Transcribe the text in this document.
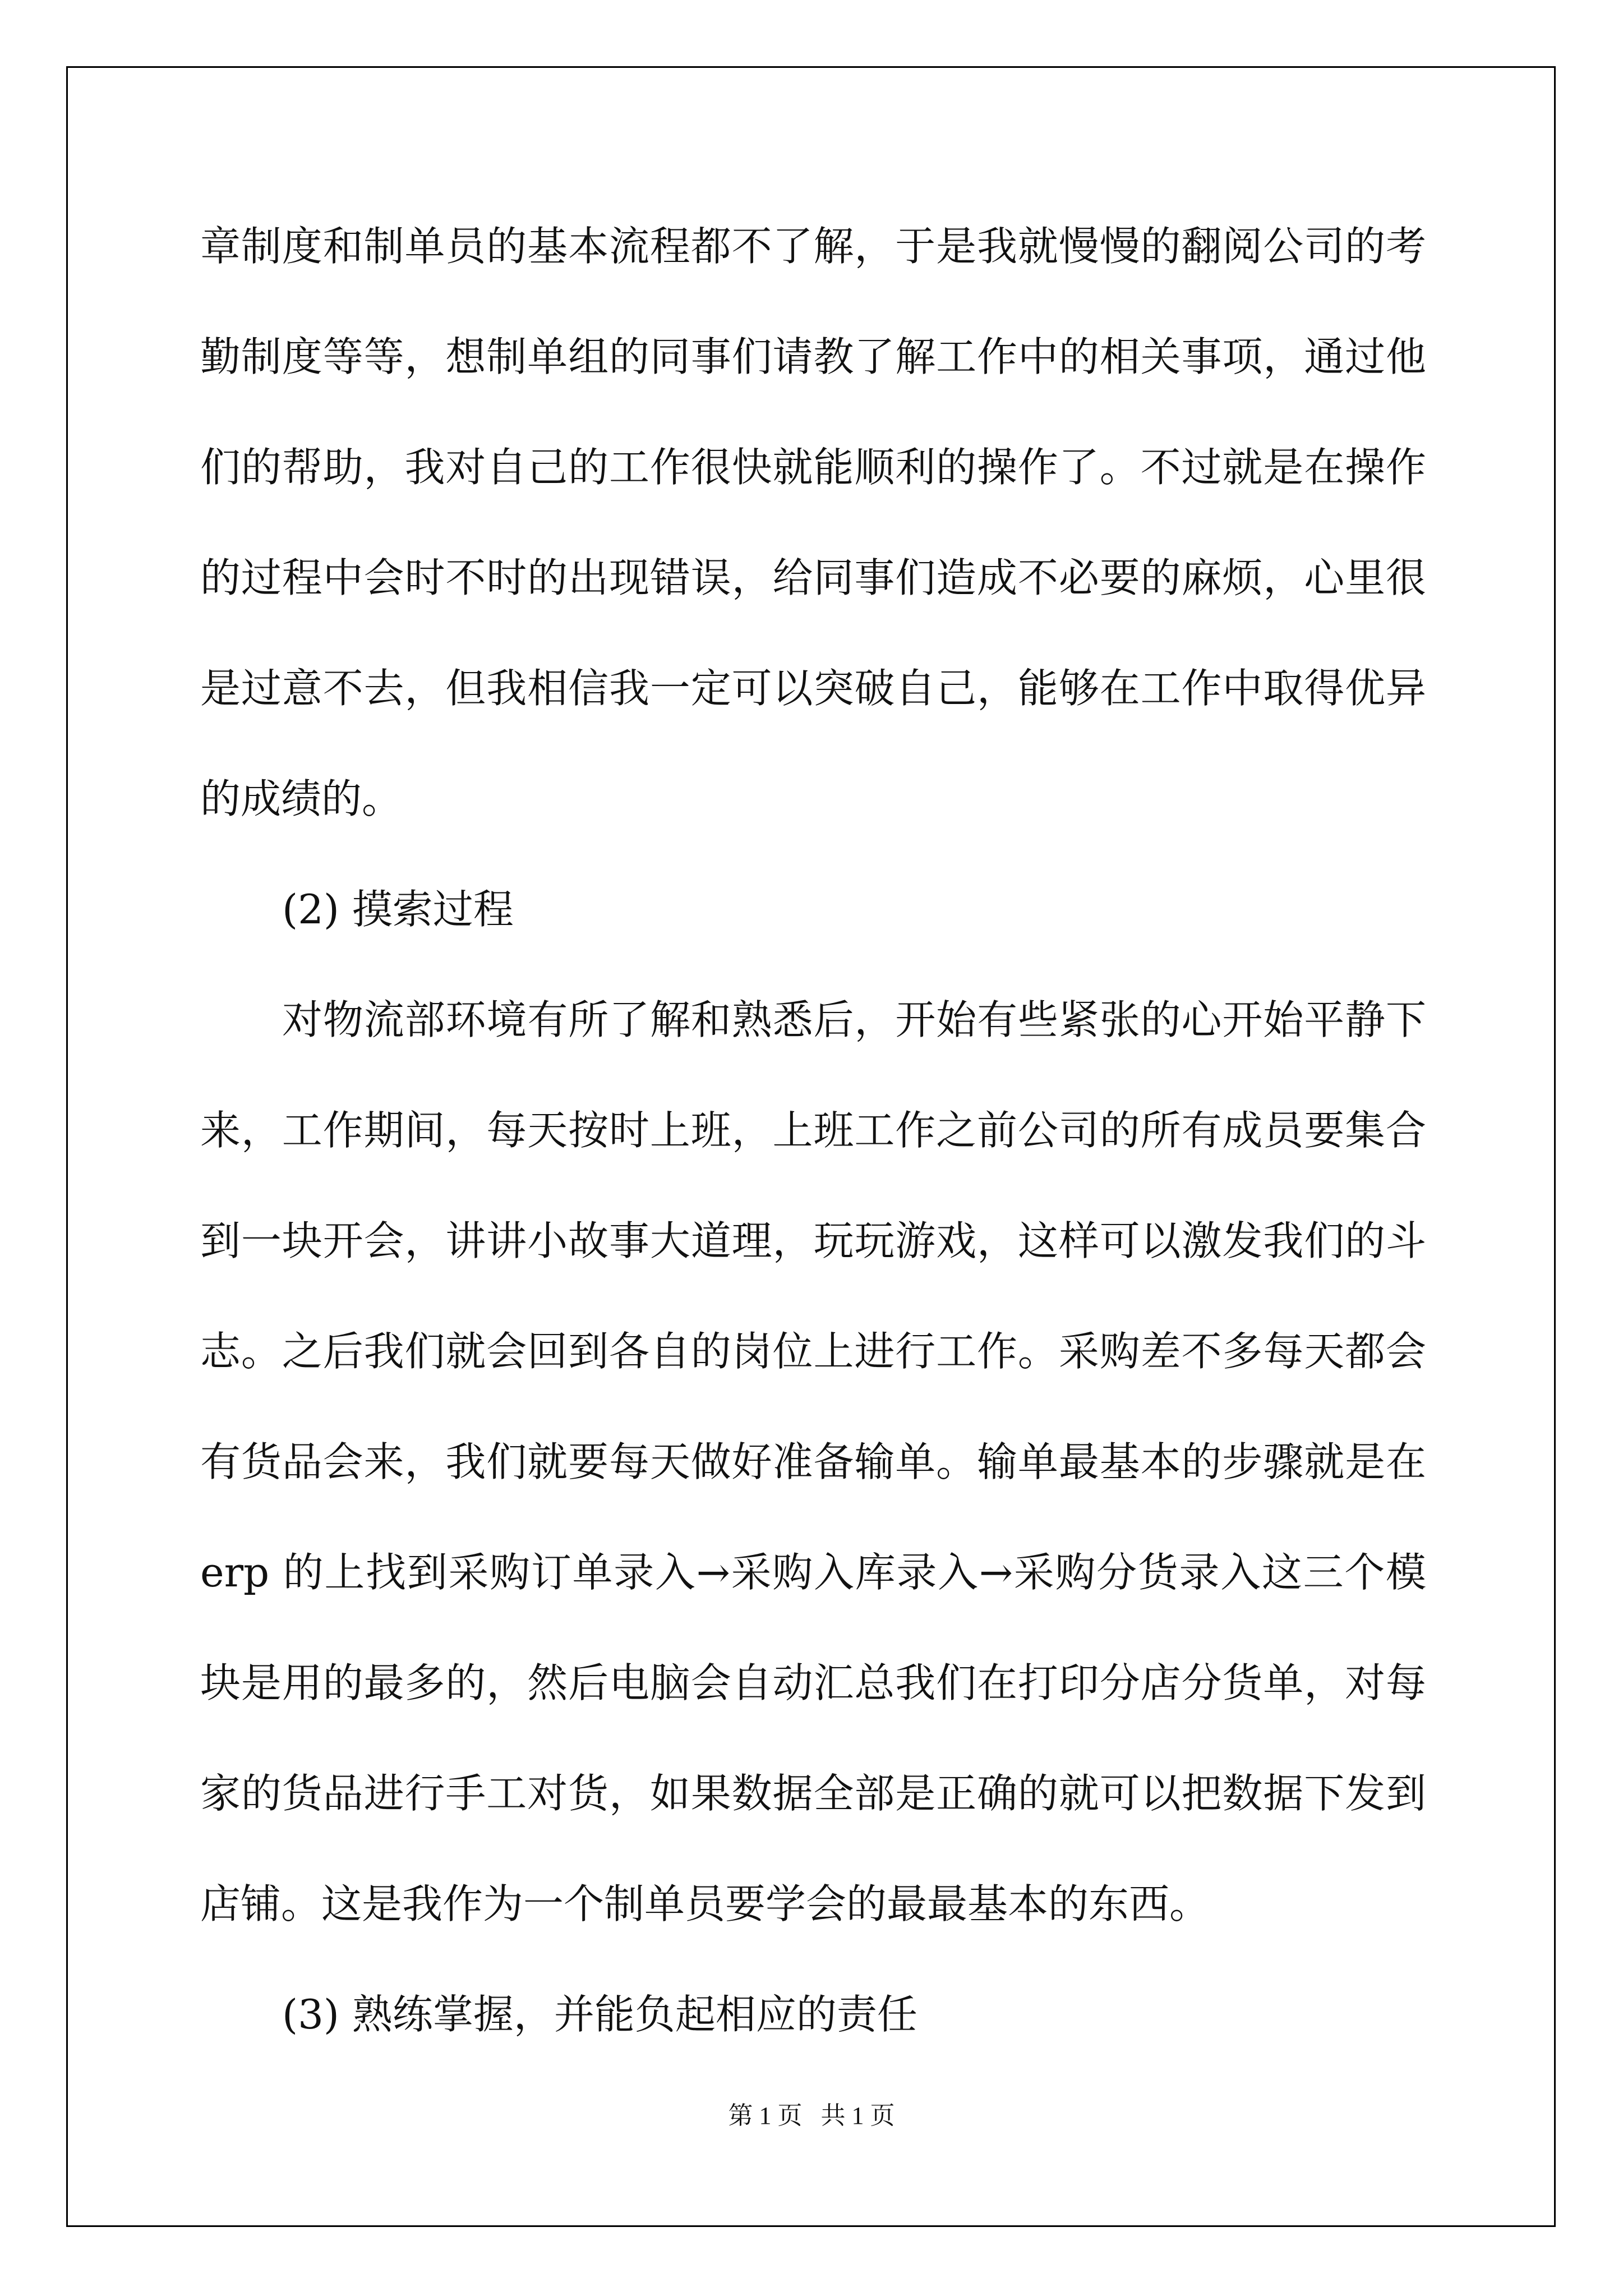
章制度和制单员的基本流程都不了解，于是我就慢慢的翻阅公司的考
勤制度等等，想制单组的同事们请教了解工作中的相关事项，通过他
们的帮助，我对自己的工作很快就能顺利的操作了。不过就是在操作
的过程中会时不时的出现错误，给同事们造成不必要的麻烦，心里很
是过意不去，但我相信我一定可以突破自己，能够在工作中取得优异
的成绩的。
(2) 摸索过程
对物流部环境有所了解和熟悉后，开始有些紧张的心开始平静下
来，工作期间，每天按时上班，上班工作之前公司的所有成员要集合
到一块开会，讲讲小故事大道理，玩玩游戏，这样可以激发我们的斗
志。之后我们就会回到各自的岗位上进行工作。采购差不多每天都会
有货品会来，我们就要每天做好准备输单。输单最基本的步骤就是在
erp 的上找到采购订单录入→采购入库录入→采购分货录入这三个模
块是用的最多的，然后电脑会自动汇总我们在打印分店分货单，对每
家的货品进行手工对货，如果数据全部是正确的就可以把数据下发到
店铺。这是我作为一个制单员要学会的最最基本的东西。
(3) 熟练掌握，并能负起相应的责任
第 1 页   共 1 页
